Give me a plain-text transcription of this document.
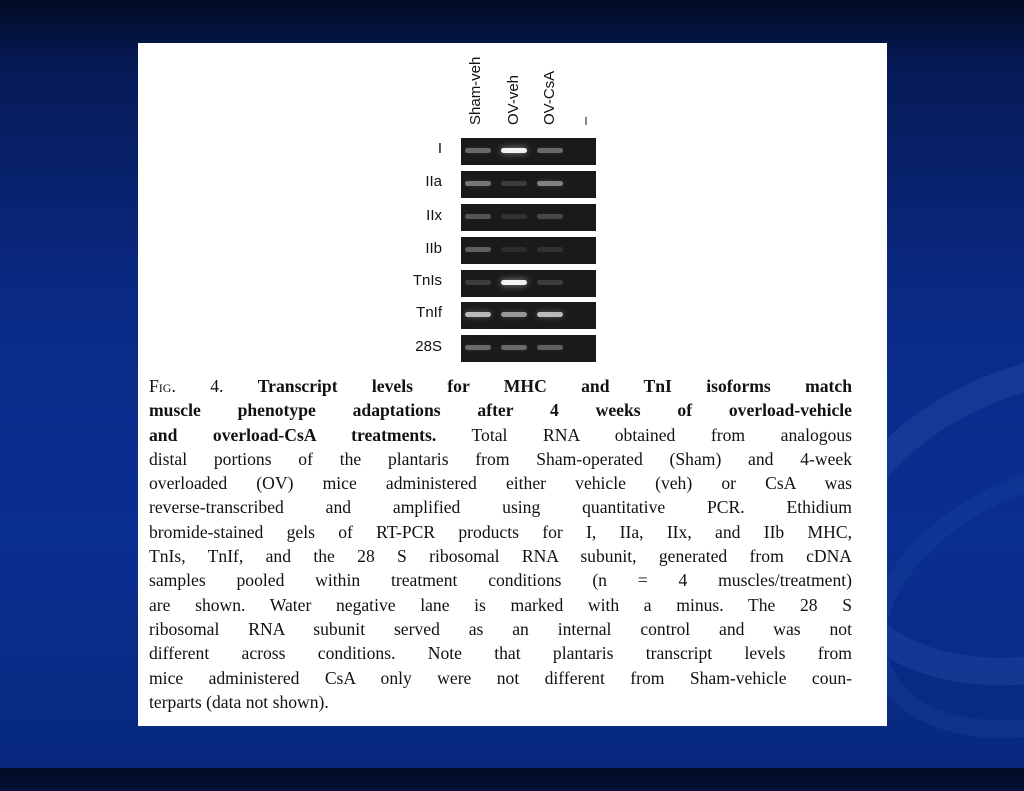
Sham-veh OV-veh OV-CsA –
I
IIa
IIx
IIb
TnIs
TnIf
28S
Fig. 4. Transcript levels for MHC and TnI isoforms match
muscle phenotype adaptations after 4 weeks of overload-vehicle
and overload-CsA treatments. Total RNA obtained from analogous
distal portions of the plantaris from Sham-operated (Sham) and 4-week
overloaded (OV) mice administered either vehicle (veh) or CsA was
reverse-transcribed and amplified using quantitative PCR. Ethidium
bromide-stained gels of RT-PCR products for I, IIa, IIx, and IIb MHC,
TnIs, TnIf, and the 28 S ribosomal RNA subunit, generated from cDNA
samples pooled within treatment conditions (n = 4 muscles/treatment)
are shown. Water negative lane is marked with a minus. The 28 S
ribosomal RNA subunit served as an internal control and was not
different across conditions. Note that plantaris transcript levels from
mice administered CsA only were not different from Sham-vehicle coun-
terparts (data not shown).
